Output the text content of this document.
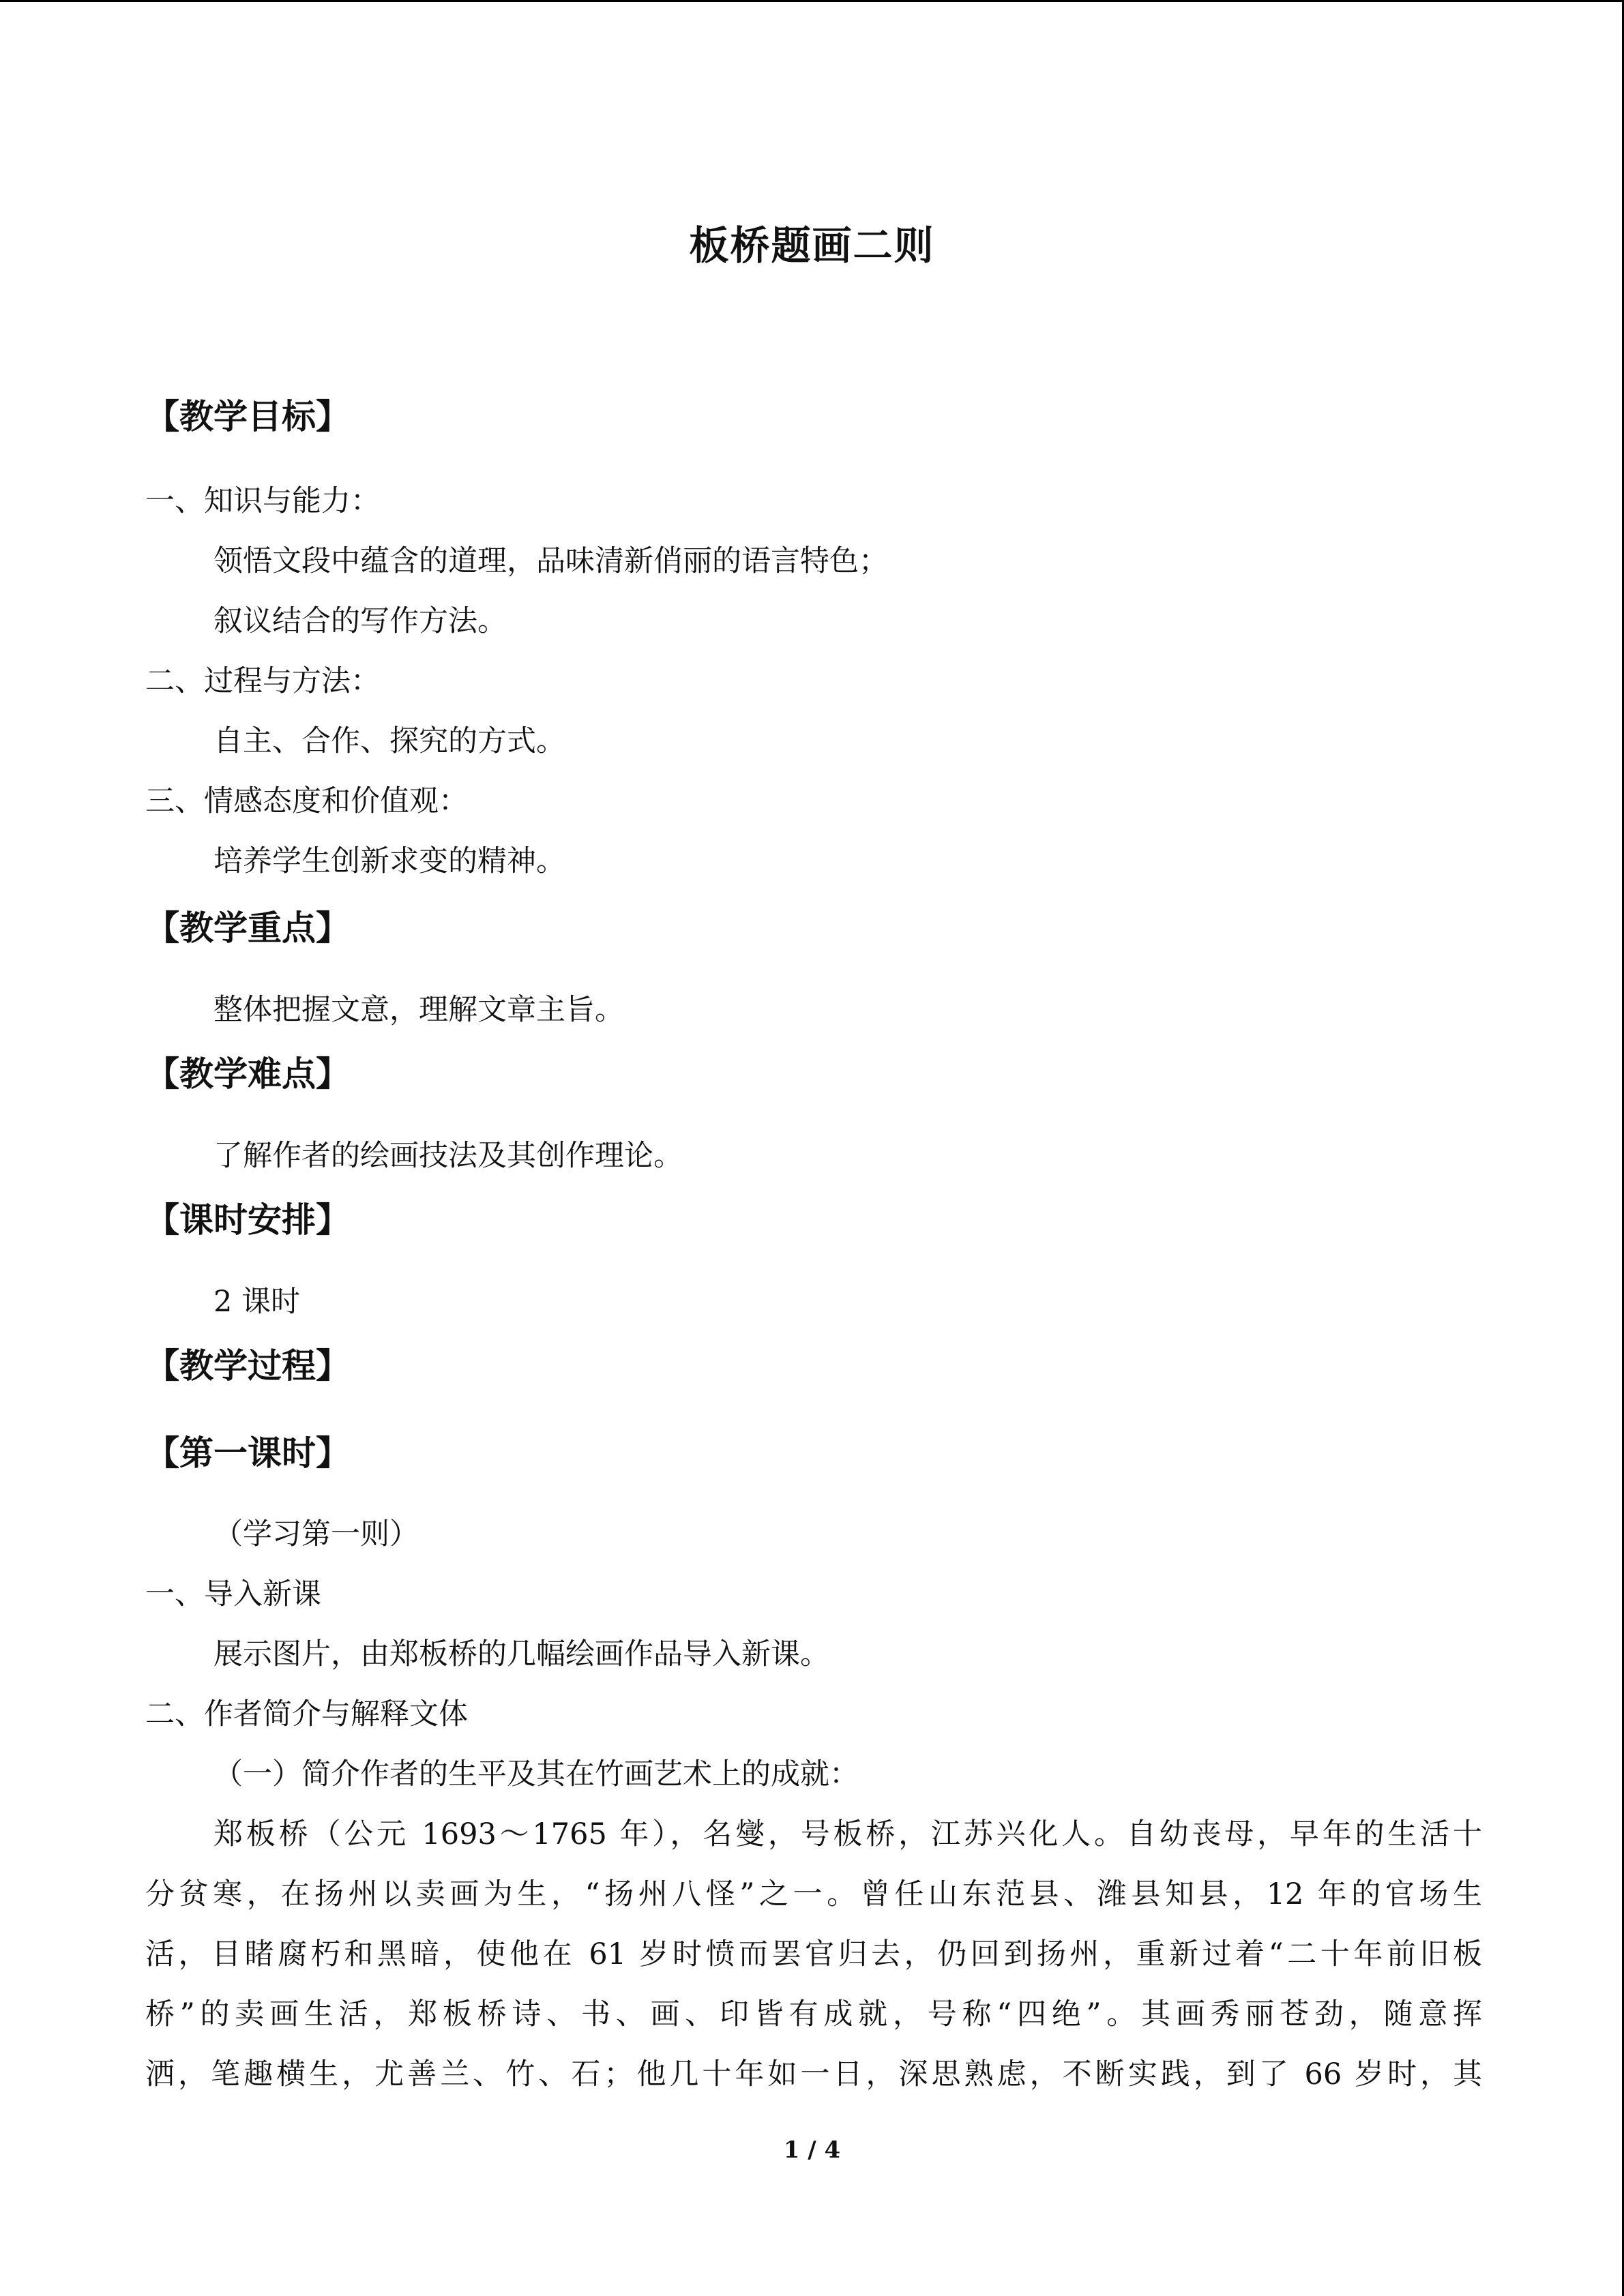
板桥题画二则
【教学目标】
一、知识与能力：
领悟文段中蕴含的道理，品味清新俏丽的语言特色；
叙议结合的写作方法。
二、过程与方法：
自主、合作、探究的方式。
三、情感态度和价值观：
培养学生创新求变的精神。
【教学重点】
整体把握文意，理解文章主旨。
【教学难点】
了解作者的绘画技法及其创作理论。
【课时安排】
2 课时
【教学过程】
【第一课时】
（学习第一则）
一、导入新课
展示图片，由郑板桥的几幅绘画作品导入新课。
二、作者简介与解释文体
（一）简介作者的生平及其在竹画艺术上的成就：
郑板桥（公元 1693～1765 年），名燮，号板桥，江苏兴化人。自幼丧母，早年的生活十
分贫寒，在扬州以卖画为生，“扬州八怪”之一。曾任山东范县、潍县知县，12 年的官场生
活，目睹腐朽和黑暗，使他在 61 岁时愤而罢官归去，仍回到扬州，重新过着“二十年前旧板
桥”的卖画生活，郑板桥诗、书、画、印皆有成就，号称“四绝”。其画秀丽苍劲，随意挥
洒，笔趣横生，尤善兰、竹、石；他几十年如一日，深思熟虑，不断实践，到了 66 岁时，其
1 / 4
